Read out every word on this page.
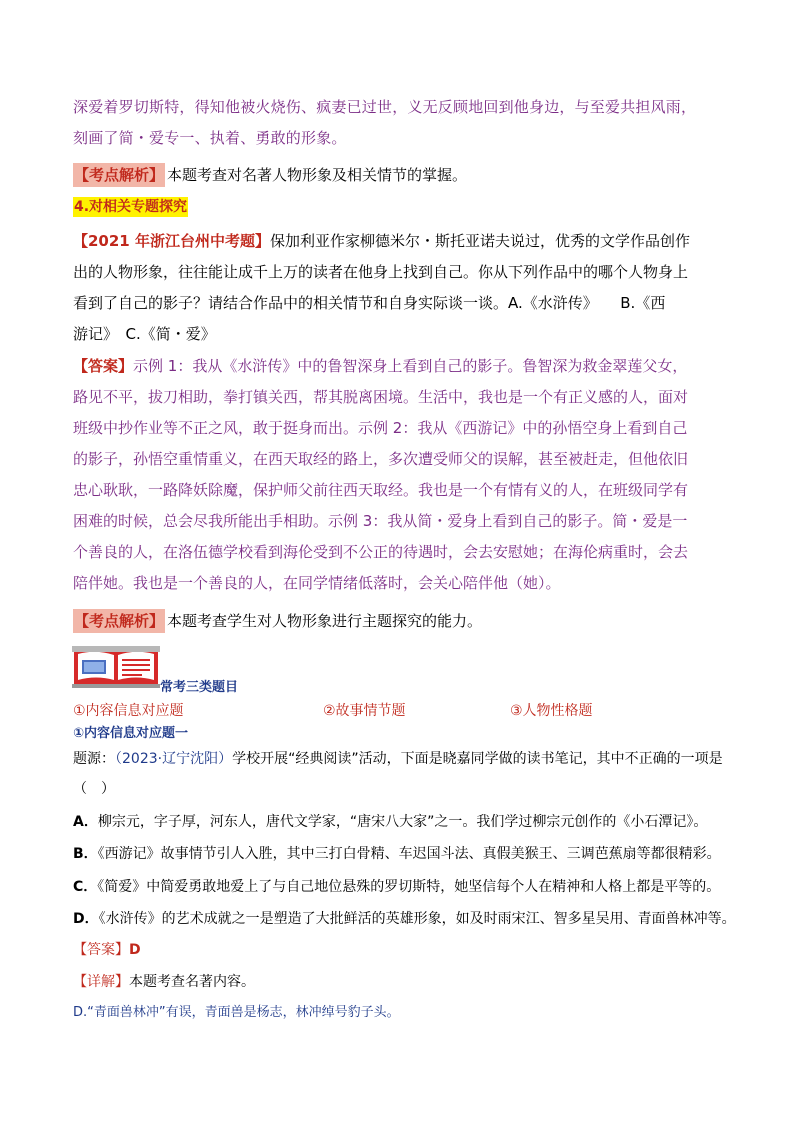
深爱着罗切斯特，得知他被火烧伤、疯妻已过世，义无反顾地回到他身边，与至爱共担风雨，
刻画了简・爱专一、执着、勇敢的形象。
【考点解析】 本题考查对名著人物形象及相关情节的掌握。
4.对相关专题探究
【2021 年浙江台州中考题】保加利亚作家柳德米尔・斯托亚诺夫说过，优秀的文学作品创作
出的人物形象，往往能让成千上万的读者在他身上找到自己。你从下列作品中的哪个人物身上
看到了自己的影子？请结合作品中的相关情节和自身实际谈一谈。A.《水浒传》　　B.《西
游记》　C.《简・爱》
【答案】示例 1：我从《水浒传》中的鲁智深身上看到自己的影子。鲁智深为救金翠莲父女，
路见不平，拔刀相助，拳打镇关西，帮其脱离困境。生活中，我也是一个有正义感的人，面对
班级中抄作业等不正之风，敢于挺身而出。示例 2：我从《西游记》中的孙悟空身上看到自己
的影子，孙悟空重情重义，在西天取经的路上，多次遭受师父的误解，甚至被赶走，但他依旧
忠心耿耿，一路降妖除魔，保护师父前往西天取经。我也是一个有情有义的人，在班级同学有
困难的时候，总会尽我所能出手相助。示例 3：我从简・爱身上看到自己的影子。简・爱是一
个善良的人，在洛伍德学校看到海伦受到不公正的待遇时，会去安慰她；在海伦病重时，会去
陪伴她。我也是一个善良的人，在同学情绪低落时，会关心陪伴他（她）。
【考点解析】 本题考查学生对人物形象进行主题探究的能力。
常考三类题目
①内容信息对应题	②故事情节题	③人物性格题
①内容信息对应题一
题源：（2023·辽宁沈阳）学校开展“经典阅读”活动，下面是晓嘉同学做的读书笔记，其中不正确的一项是
（　）
A．柳宗元，字子厚，河东人，唐代文学家，“唐宋八大家”之一。我们学过柳宗元创作的《小石潭记》。
B．《西游记》故事情节引人入胜，其中三打白骨精、车迟国斗法、真假美猴王、三调芭蕉扇等都很精彩。
C．《简爱》中简爱勇敢地爱上了与自己地位悬殊的罗切斯特，她坚信每个人在精神和人格上都是平等的。
D．《水浒传》的艺术成就之一是塑造了大批鲜活的英雄形象，如及时雨宋江、智多星吴用、青面兽林冲等。
【答案】D
【详解】本题考查名著内容。
D.“青面兽林冲”有误，青面兽是杨志，林冲绰号豹子头。
